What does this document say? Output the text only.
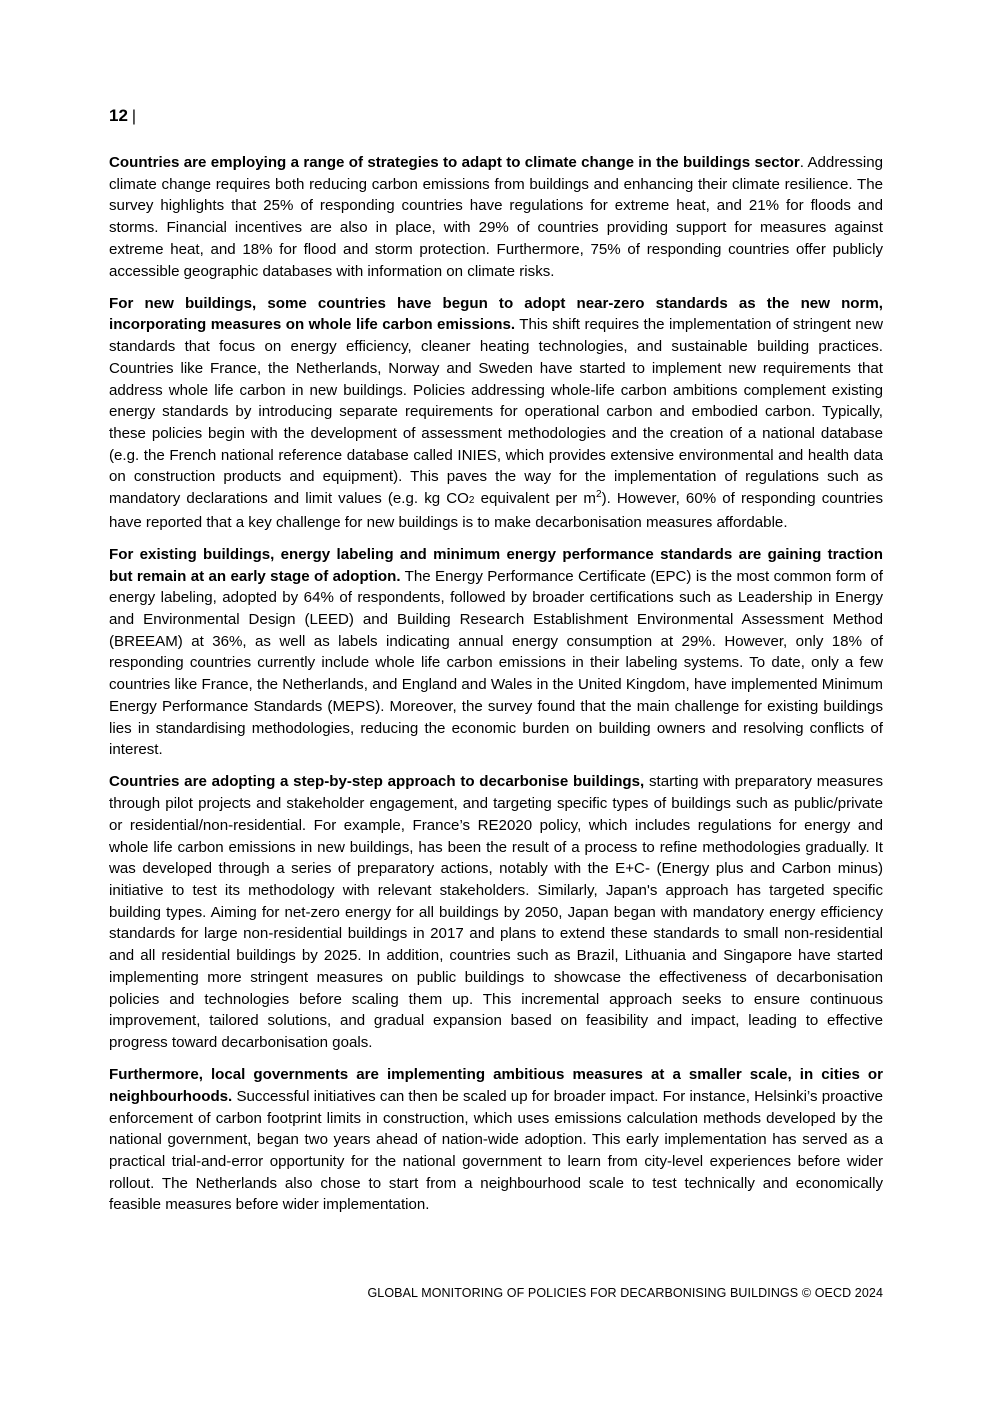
12 |

Countries are employing a range of strategies to adapt to climate change in the buildings sector. Addressing climate change requires both reducing carbon emissions from buildings and enhancing their climate resilience. The survey highlights that 25% of responding countries have regulations for extreme heat, and 21% for floods and storms. Financial incentives are also in place, with 29% of countries providing support for measures against extreme heat, and 18% for flood and storm protection. Furthermore, 75% of responding countries offer publicly accessible geographic databases with information on climate risks.

For new buildings, some countries have begun to adopt near-zero standards as the new norm, incorporating measures on whole life carbon emissions. This shift requires the implementation of stringent new standards that focus on energy efficiency, cleaner heating technologies, and sustainable building practices. Countries like France, the Netherlands, Norway and Sweden have started to implement new requirements that address whole life carbon in new buildings. Policies addressing whole-life carbon ambitions complement existing energy standards by introducing separate requirements for operational carbon and embodied carbon. Typically, these policies begin with the development of assessment methodologies and the creation of a national database (e.g. the French national reference database called INIES, which provides extensive environmental and health data on construction products and equipment). This paves the way for the implementation of regulations such as mandatory declarations and limit values (e.g. kg CO2 equivalent per $m^2$). However, 60% of responding countries have reported that a key challenge for new buildings is to make decarbonisation measures affordable.

For existing buildings, energy labeling and minimum energy performance standards are gaining traction but remain at an early stage of adoption. The Energy Performance Certificate (EPC) is the most common form of energy labeling, adopted by 64% of respondents, followed by broader certifications such as Leadership in Energy and Environmental Design (LEED) and Building Research Establishment Environmental Assessment Method (BREEAM) at 36%, as well as labels indicating annual energy consumption at 29%. However, only 18% of responding countries currently include whole life carbon emissions in their labeling systems. To date, only a few countries like France, the Netherlands, and England and Wales in the United Kingdom, have implemented Minimum Energy Performance Standards (MEPS). Moreover, the survey found that the main challenge for existing buildings lies in standardising methodologies, reducing the economic burden on building owners and resolving conflicts of interest.

Countries are adopting a step-by-step approach to decarbonise buildings, starting with preparatory measures through pilot projects and stakeholder engagement, and targeting specific types of buildings such as public/private or residential/non-residential. For example, France’s RE2020 policy, which includes regulations for energy and whole life carbon emissions in new buildings, has been the result of a process to refine methodologies gradually. It was developed through a series of preparatory actions, notably with the E+C- (Energy plus and Carbon minus) initiative to test its methodology with relevant stakeholders. Similarly, Japan's approach has targeted specific building types. Aiming for net-zero energy for all buildings by 2050, Japan began with mandatory energy efficiency standards for large non-residential buildings in 2017 and plans to extend these standards to small non-residential and all residential buildings by 2025. In addition, countries such as Brazil, Lithuania and Singapore have started implementing more stringent measures on public buildings to showcase the effectiveness of decarbonisation policies and technologies before scaling them up. This incremental approach seeks to ensure continuous improvement, tailored solutions, and gradual expansion based on feasibility and impact, leading to effective progress toward decarbonisation goals.

Furthermore, local governments are implementing ambitious measures at a smaller scale, in cities or neighbourhoods. Successful initiatives can then be scaled up for broader impact. For instance, Helsinki’s proactive enforcement of carbon footprint limits in construction, which uses emissions calculation methods developed by the national government, began two years ahead of nation-wide adoption. This early implementation has served as a practical trial-and-error opportunity for the national government to learn from city-level experiences before wider rollout. The Netherlands also chose to start from a neighbourhood scale to test technically and economically feasible measures before wider implementation.

GLOBAL MONITORING OF POLICIES FOR DECARBONISING BUILDINGS © OECD 2024
